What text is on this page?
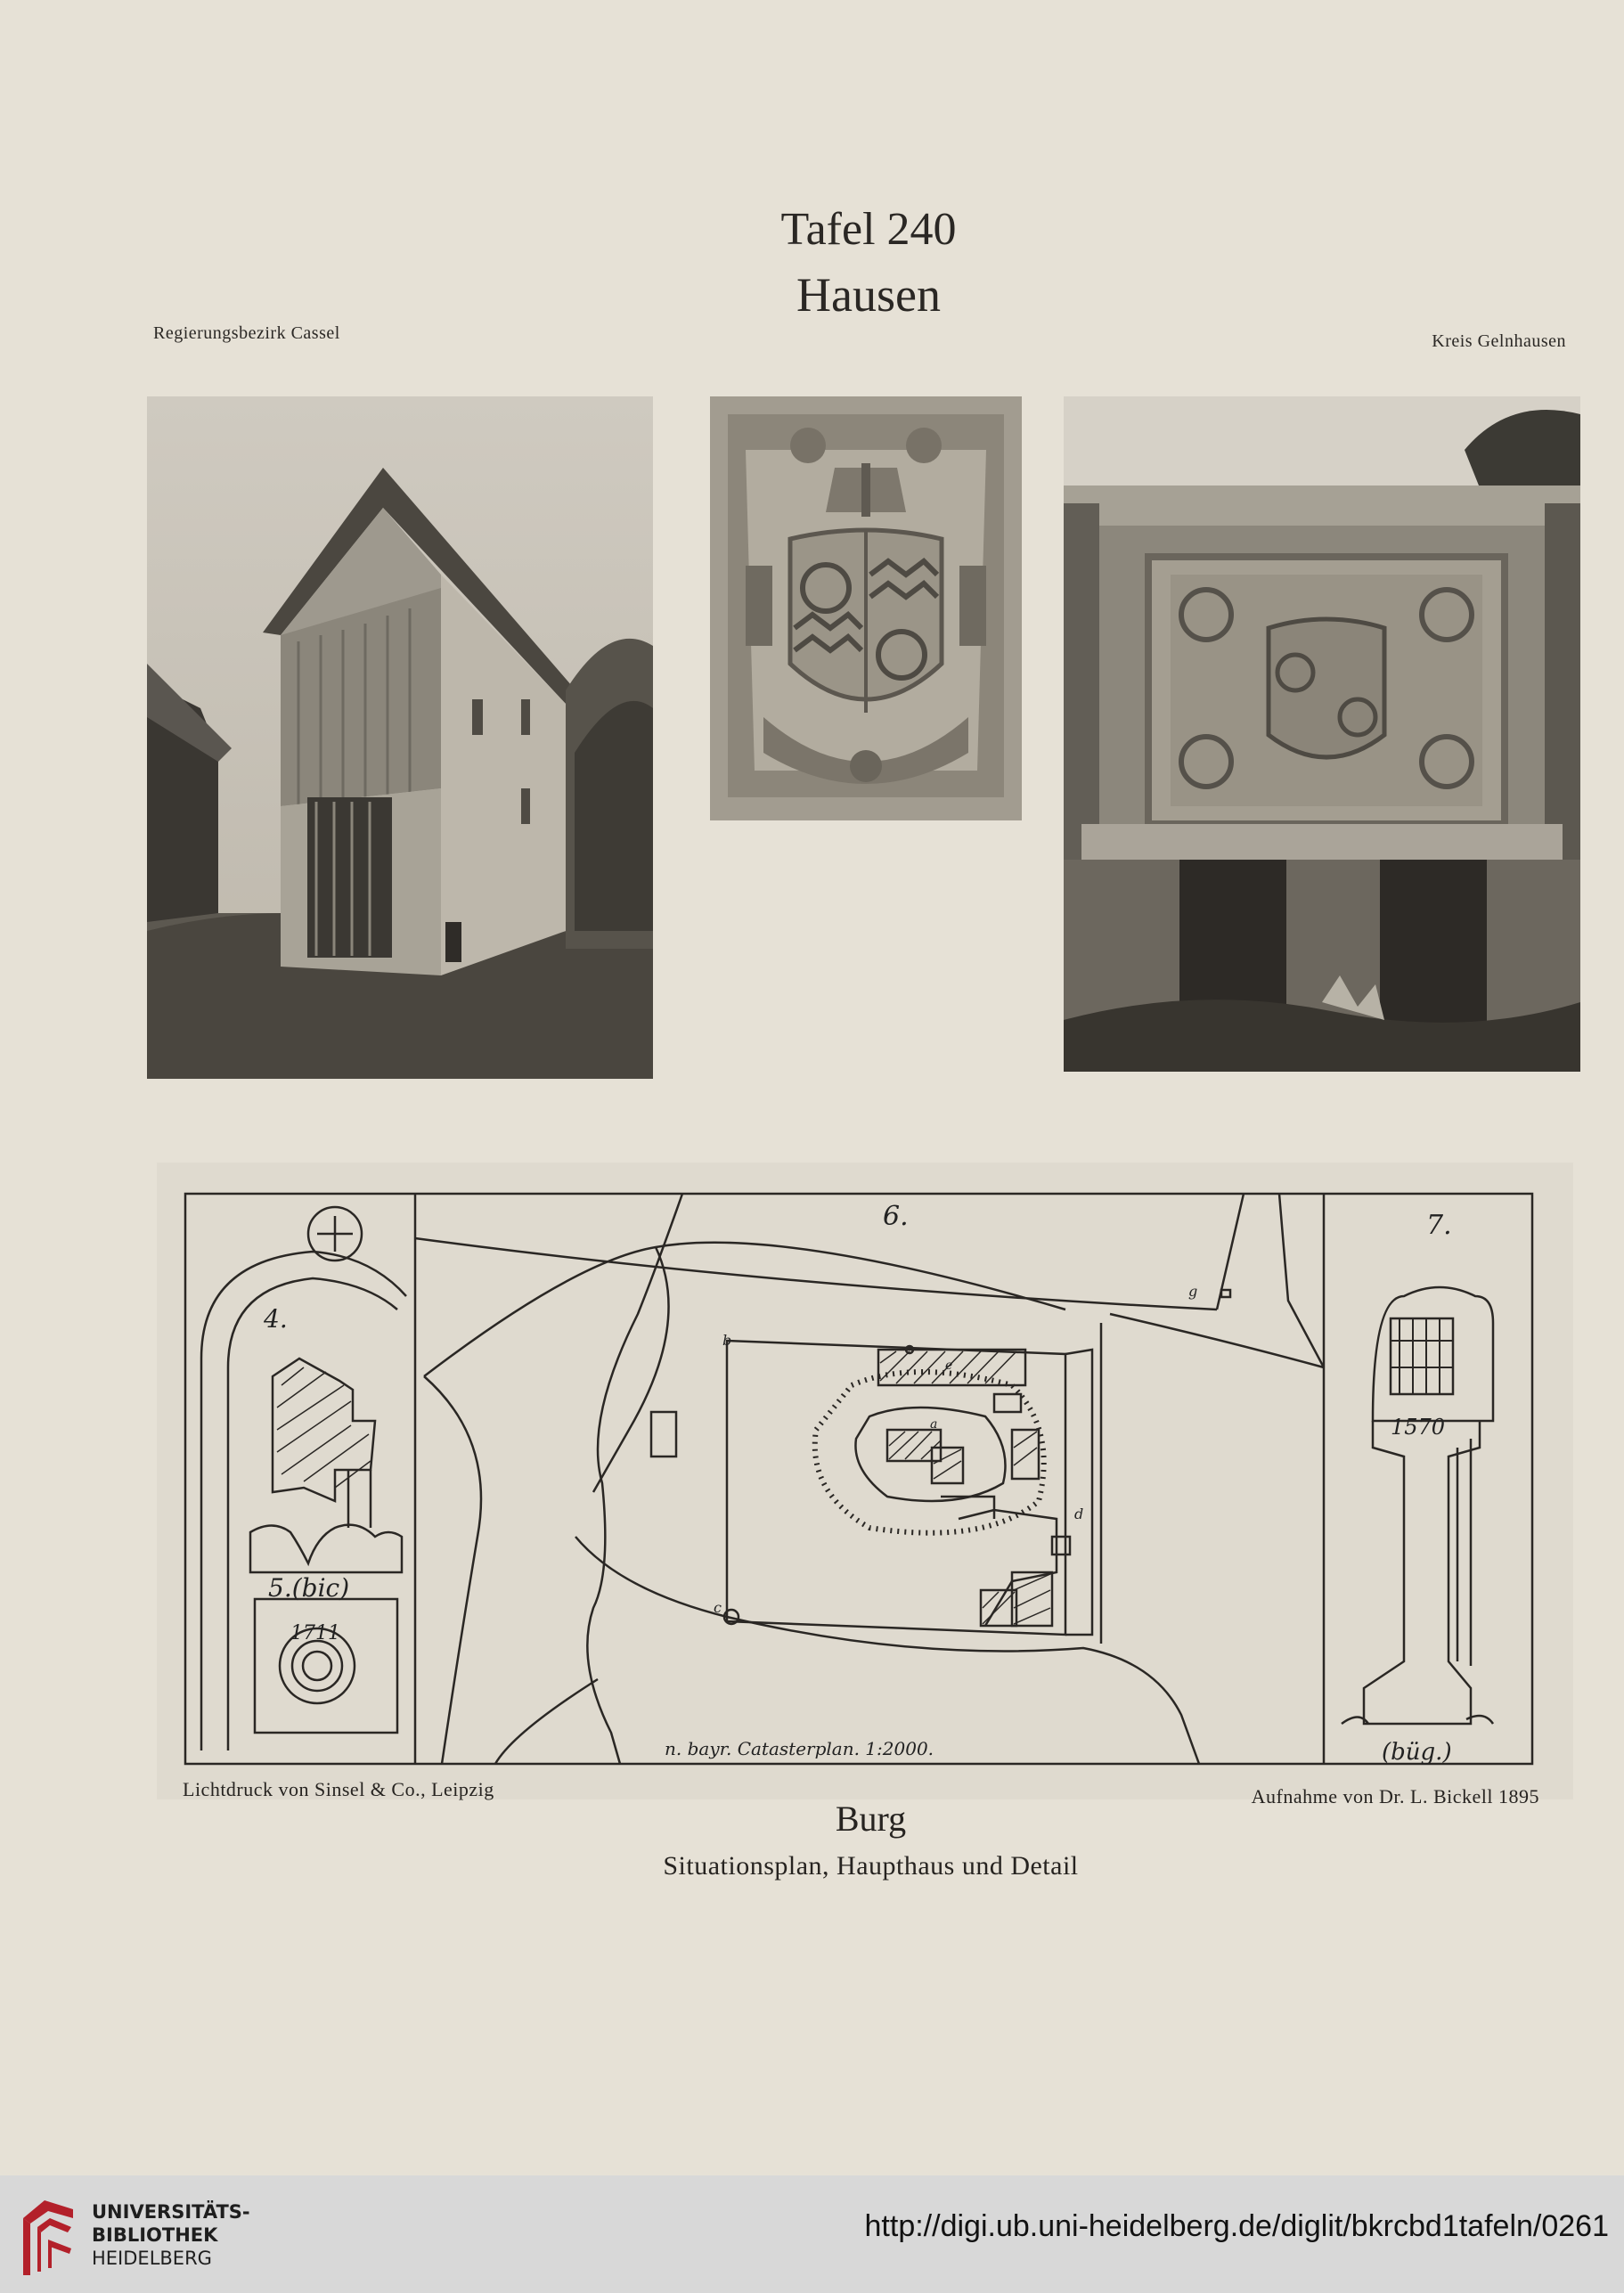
Tafel 240
Hausen
Regierungsbezirk Cassel	Kreis Gelnhausen
4.
5.(bic)
1711
6.	7.
1570
(büg.)
n. bayr. Catasterplan. 1:2000.
b
d
c
g
a
e
Lichtdruck von Sinsel & Co., Leipzig	Aufnahme von Dr. L. Bickell 1895
Burg
Situationsplan, Haupthaus und Detail
UNIVERSITÄTS-
BIBLIOTHEK
HEIDELBERG
http://digi.ub.uni-heidelberg.de/diglit/bkrcbd1tafeln/0261
